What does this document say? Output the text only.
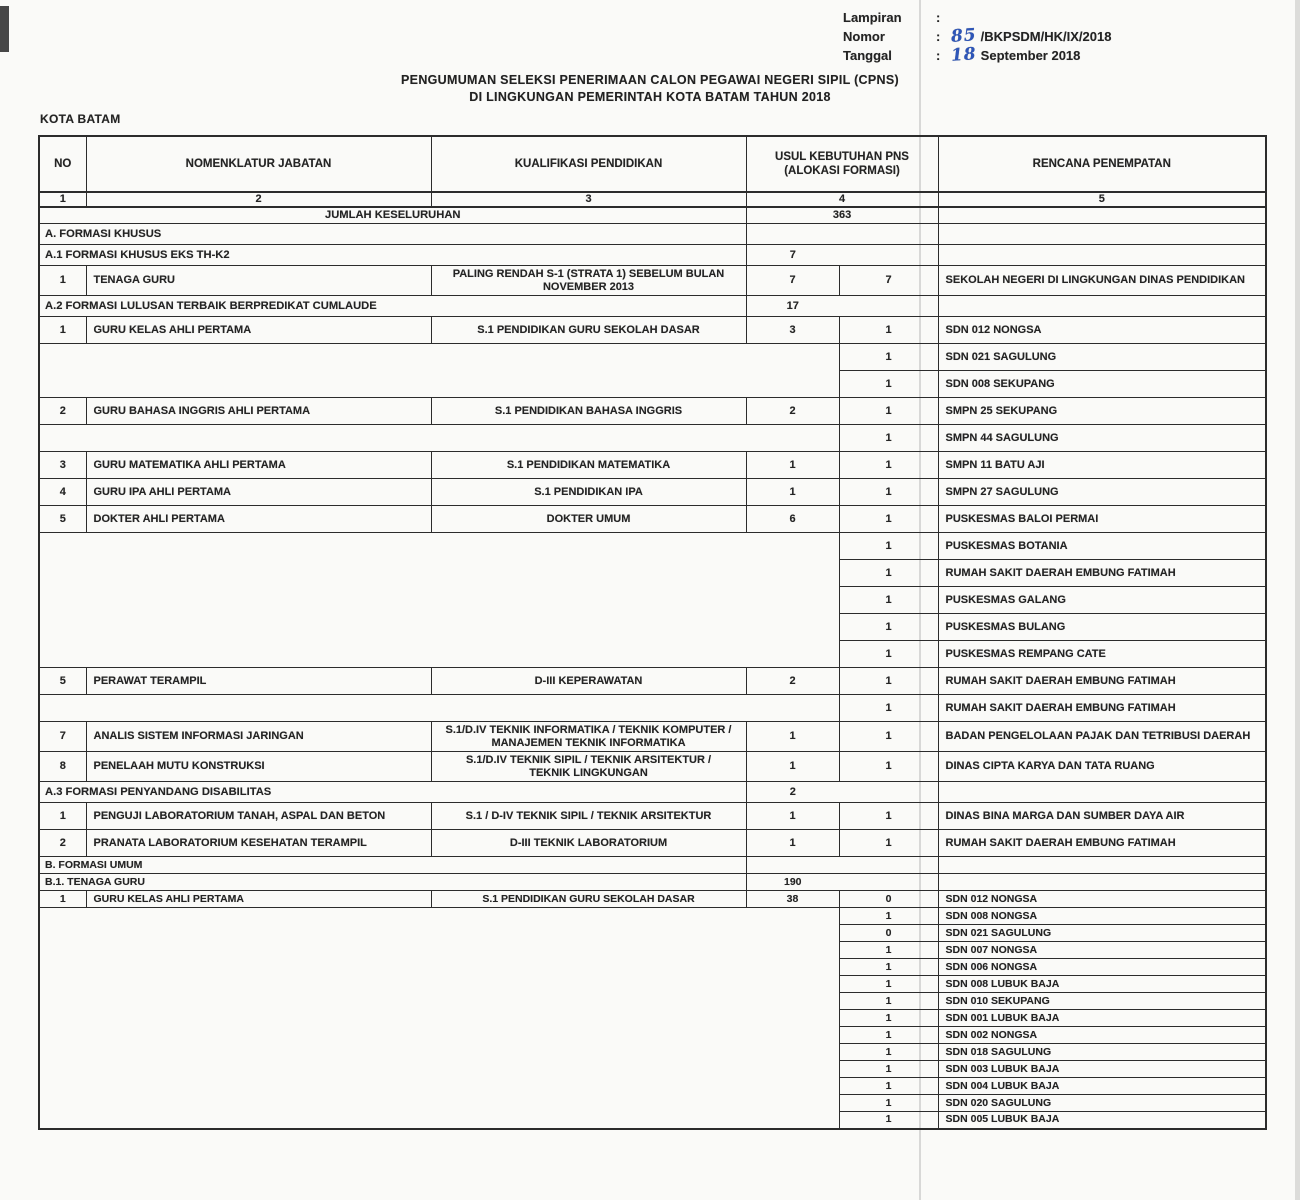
Lampiran	:
Nomor	: 85 /BKPSDM/HK/IX/2018
Tanggal	: 18 September 2018
PENGUMUMAN SELEKSI PENERIMAAN CALON PEGAWAI NEGERI SIPIL (CPNS)
DI LINGKUNGAN PEMERINTAH KOTA BATAM TAHUN 2018
KOTA BATAM
NO	NOMENKLATUR JABATAN	KUALIFIKASI PENDIDIKAN	USUL KEBUTUHAN PNS (ALOKASI FORMASI)		RENCANA PENEMPATAN
1	2	3	4		5
JUMLAH KESELURUHAN			363		
A. FORMASI KHUSUS					
A.1 FORMASI KHUSUS EKS TH-K2			7		
1	TENAGA GURU	PALING RENDAH S-1 (STRATA 1) SEBELUM BULAN NOVEMBER 2013	7	7	SEKOLAH NEGERI DI LINGKUNGAN DINAS PENDIDIKAN
A.2 FORMASI LULUSAN TERBAIK BERPREDIKAT CUMLAUDE			17		
1	GURU KELAS AHLI PERTAMA	S.1 PENDIDIKAN GURU SEKOLAH DASAR	3	1	SDN 012 NONGSA
				1	SDN 021 SAGULUNG
				1	SDN 008 SEKUPANG
2	GURU BAHASA INGGRIS AHLI PERTAMA	S.1 PENDIDIKAN BAHASA INGGRIS	2	1	SMPN 25 SEKUPANG
				1	SMPN 44 SAGULUNG
3	GURU MATEMATIKA AHLI PERTAMA	S.1 PENDIDIKAN MATEMATIKA	1	1	SMPN 11 BATU AJI
4	GURU IPA AHLI PERTAMA	S.1 PENDIDIKAN IPA	1	1	SMPN 27 SAGULUNG
5	DOKTER AHLI PERTAMA	DOKTER UMUM	6	1	PUSKESMAS BALOI PERMAI
				1	PUSKESMAS BOTANIA
				1	RUMAH SAKIT DAERAH EMBUNG FATIMAH
				1	PUSKESMAS GALANG
				1	PUSKESMAS BULANG
				1	PUSKESMAS REMPANG CATE
5	PERAWAT TERAMPIL	D-III KEPERAWATAN	2	1	RUMAH SAKIT DAERAH EMBUNG FATIMAH
				1	RUMAH SAKIT DAERAH EMBUNG FATIMAH
7	ANALIS SISTEM INFORMASI JARINGAN	S.1/D.IV TEKNIK INFORMATIKA / TEKNIK KOMPUTER / MANAJEMEN TEKNIK INFORMATIKA	1	1	BADAN PENGELOLAAN PAJAK DAN TETRIBUSI DAERAH
8	PENELAAH MUTU KONSTRUKSI	S.1/D.IV TEKNIK SIPIL / TEKNIK ARSITEKTUR / TEKNIK LINGKUNGAN	1	1	DINAS CIPTA KARYA DAN TATA RUANG
A.3 FORMASI PENYANDANG DISABILITAS			2		
1	PENGUJI LABORATORIUM TANAH, ASPAL DAN BETON	S.1 / D-IV TEKNIK SIPIL / TEKNIK ARSITEKTUR	1	1	DINAS BINA MARGA DAN SUMBER DAYA AIR
2	PRANATA LABORATORIUM KESEHATAN TERAMPIL	D-III TEKNIK LABORATORIUM	1	1	RUMAH SAKIT DAERAH EMBUNG FATIMAH
B. FORMASI UMUM					
B.1. TENAGA GURU			190		
1	GURU KELAS AHLI PERTAMA	S.1 PENDIDIKAN GURU SEKOLAH DASAR	38	0	SDN 012 NONGSA
				1	SDN 008 NONGSA
				0	SDN 021 SAGULUNG
				1	SDN 007 NONGSA
				1	SDN 006 NONGSA
				1	SDN 008 LUBUK BAJA
				1	SDN 010 SEKUPANG
				1	SDN 001 LUBUK BAJA
				1	SDN 002 NONGSA
				1	SDN 018 SAGULUNG
				1	SDN 003 LUBUK BAJA
				1	SDN 004 LUBUK BAJA
				1	SDN 020 SAGULUNG
				1	SDN 005 LUBUK BAJA
